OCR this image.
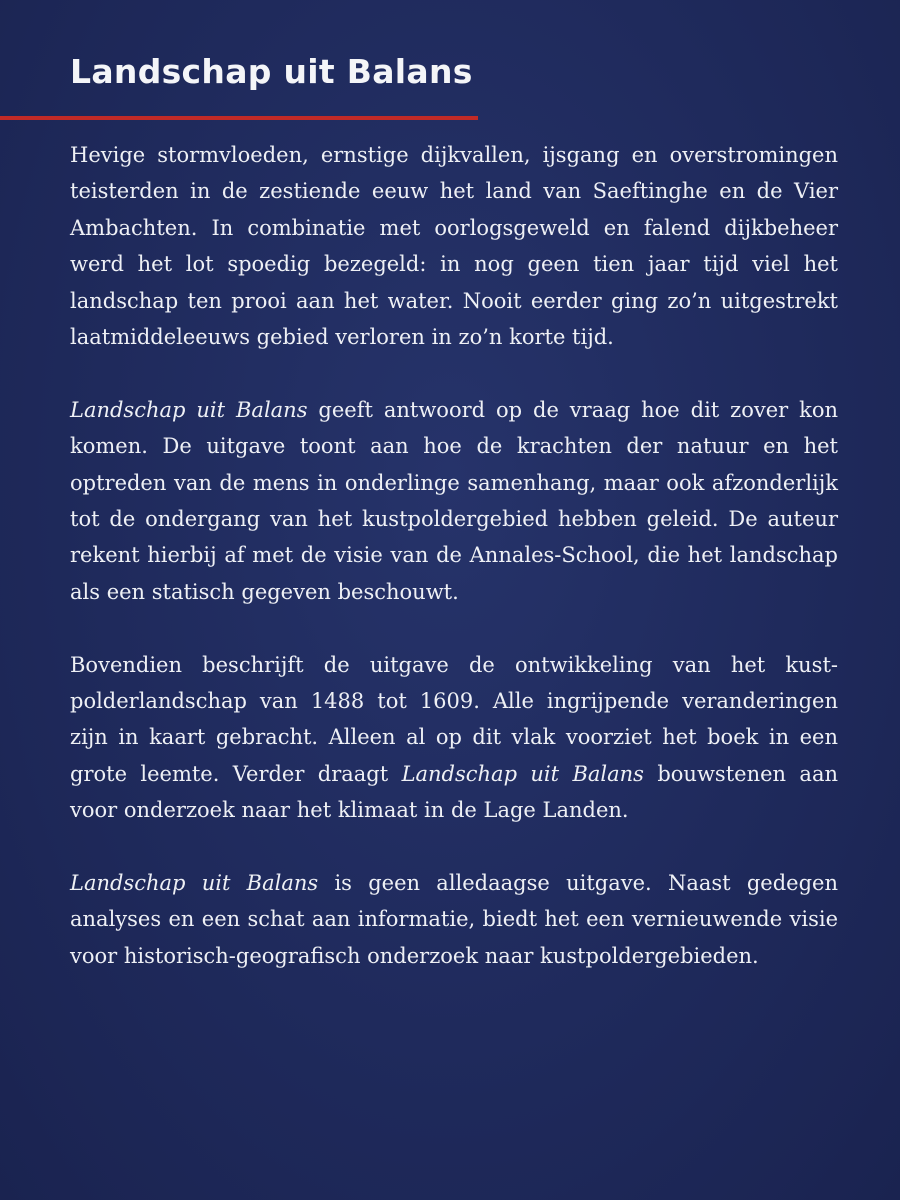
Landschap uit Balans

Hevige stormvloeden, ernstige dijkvallen, ijsgang en overstromingen teisterden in de zestiende eeuw het land van Saeftinghe en de Vier Ambachten. In combinatie met oorlogsgeweld en falend dijkbeheer werd het lot spoedig bezegeld: in nog geen tien jaar tijd viel het landschap ten prooi aan het water. Nooit eerder ging zo’n uitgestrekt laatmiddeleeuws gebied verloren in zo’n korte tijd.

Landschap uit Balans geeft antwoord op de vraag hoe dit zover kon komen. De uitgave toont aan hoe de krachten der natuur en het optreden van de mens in onderlinge samenhang, maar ook afzonderlijk tot de ondergang van het kustpoldergebied hebben geleid. De auteur rekent hierbij af met de visie van de Annales-School, die het landschap als een statisch gegeven beschouwt.

Bovendien beschrijft de uitgave de ontwikkeling van het kustpolderlandschap van 1488 tot 1609. Alle ingrijpende veranderingen zijn in kaart gebracht. Alleen al op dit vlak voorziet het boek in een grote leemte. Verder draagt Landschap uit Balans bouwstenen aan voor onderzoek naar het klimaat in de Lage Landen.

Landschap uit Balans is geen alledaagse uitgave. Naast gedegen analyses en een schat aan informatie, biedt het een vernieuwende visie voor historisch-geografisch onderzoek naar kustpoldergebieden.
